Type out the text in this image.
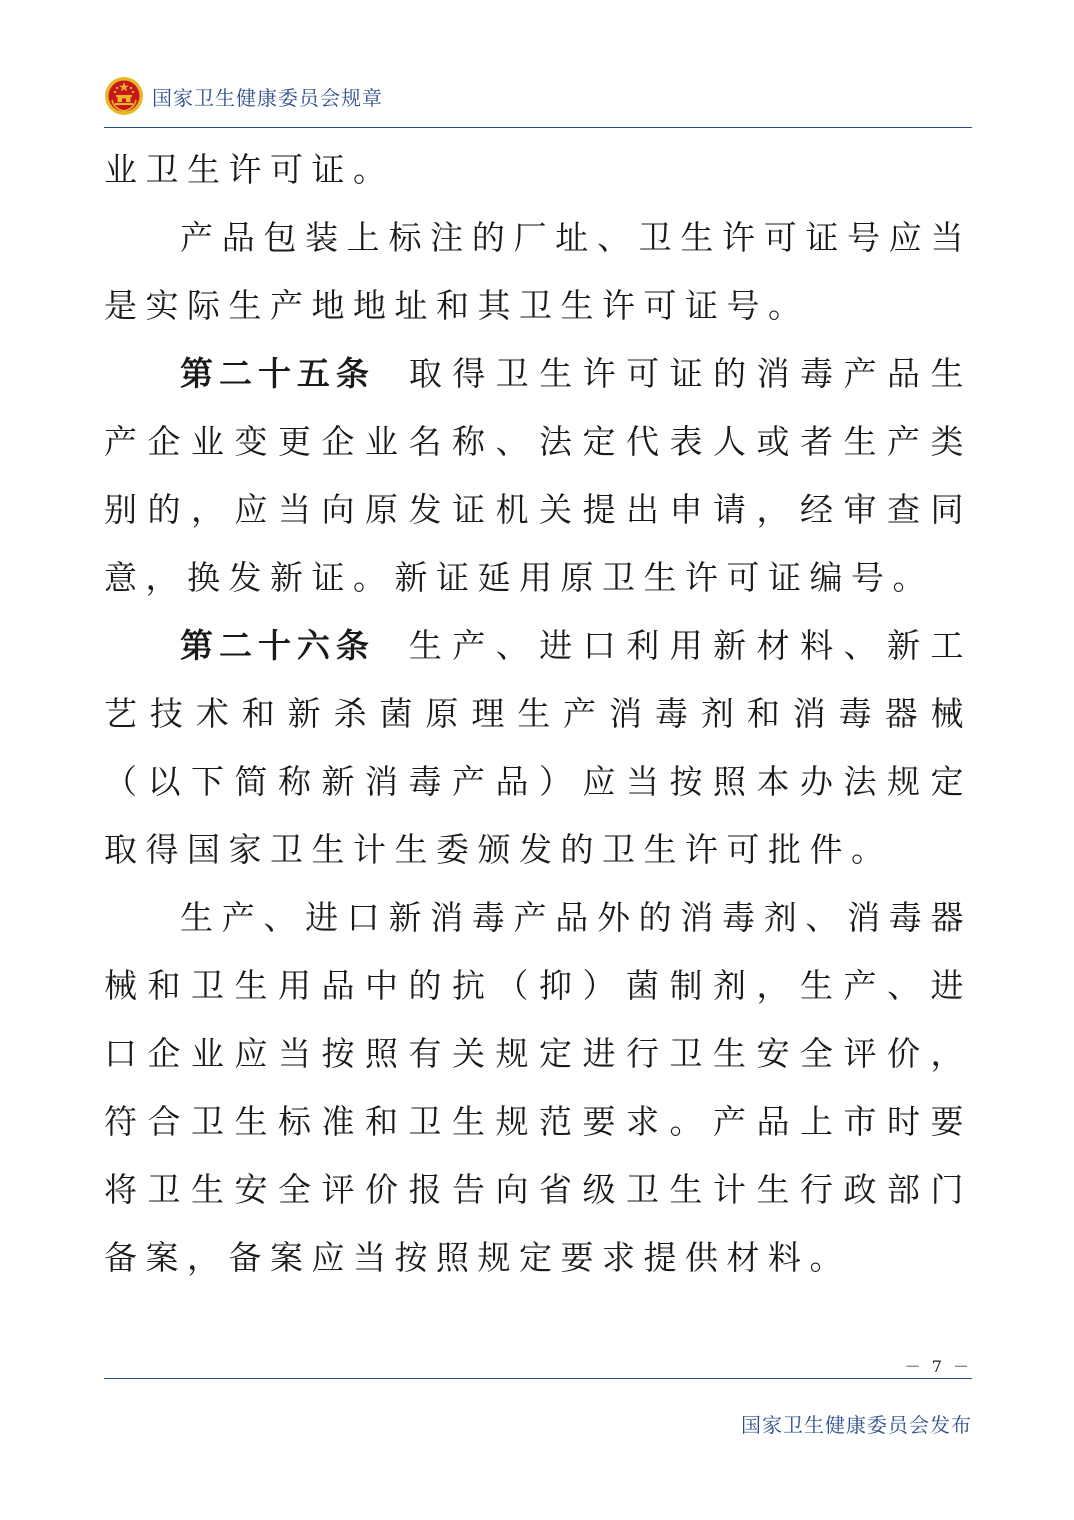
国家卫生健康委员会规章

业卫生许可证。

产品包装上标注的厂址、卫生许可证号应当是实际生产地地址和其卫生许可证号。

第二十五条 取得卫生许可证的消毒产品生产企业变更企业名称、法定代表人或者生产类别的，应当向原发证机关提出申请，经审查同意，换发新证。新证延用原卫生许可证编号。

第二十六条 生产、进口利用新材料、新工艺技术和新杀菌原理生产消毒剂和消毒器械（以下简称新消毒产品）应当按照本办法规定取得国家卫生计生委颁发的卫生许可批件。

生产、进口新消毒产品外的消毒剂、消毒器械和卫生用品中的抗（抑）菌制剂，生产、进口企业应当按照有关规定进行卫生安全评价，符合卫生标准和卫生规范要求。产品上市时要将卫生安全评价报告向省级卫生计生行政部门备案，备案应当按照规定要求提供材料。

－ 7 －
国家卫生健康委员会发布
